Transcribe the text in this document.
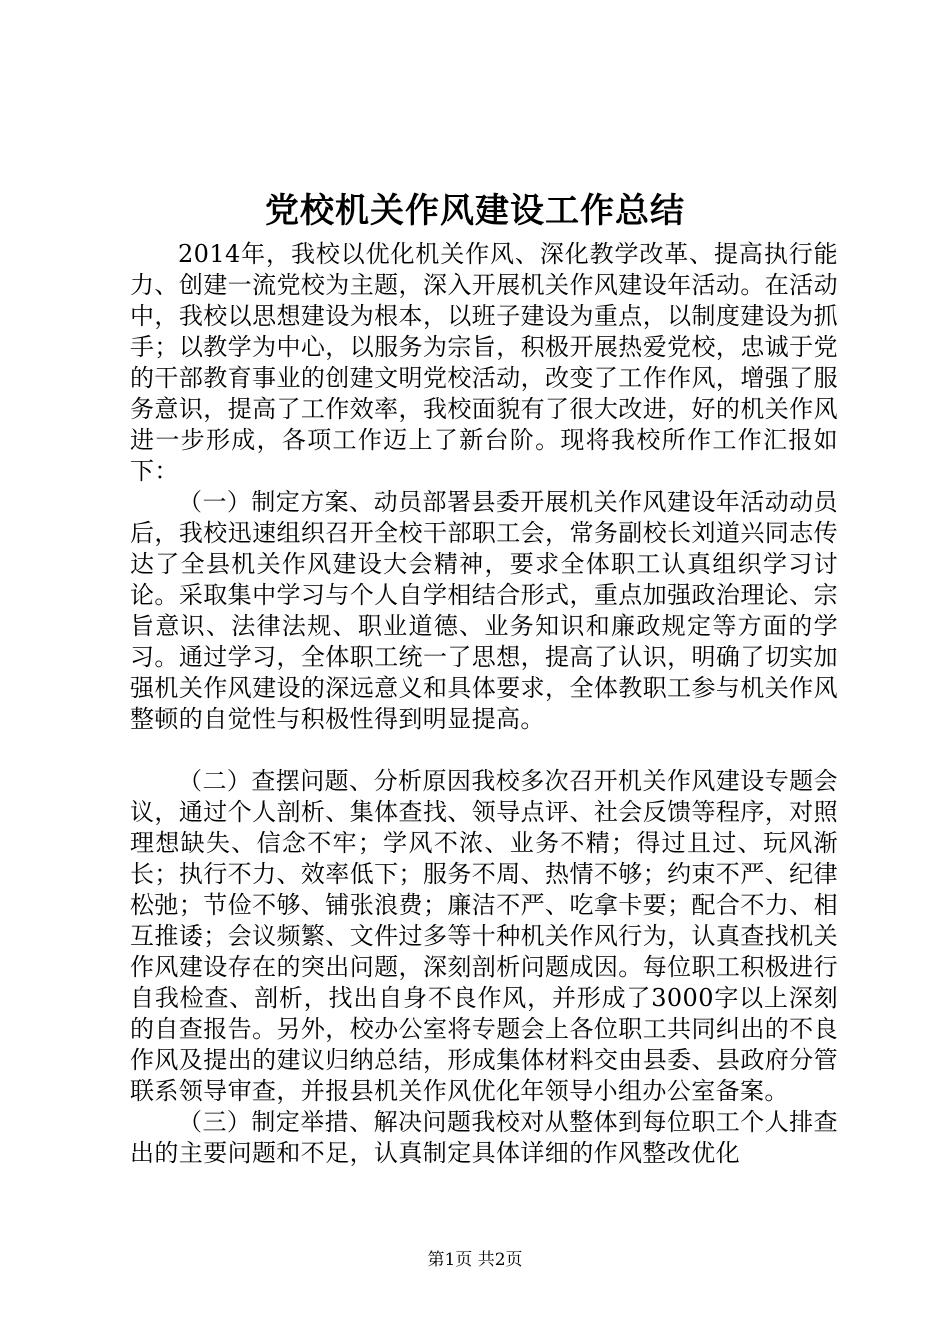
党校机关作风建设工作总结

2014年，我校以优化机关作风、深化教学改革、提高执行能力、创建一流党校为主题，深入开展机关作风建设年活动。在活动中，我校以思想建设为根本，以班子建设为重点，以制度建设为抓手；以教学为中心，以服务为宗旨，积极开展热爱党校，忠诚于党的干部教育事业的创建文明党校活动，改变了工作作风，增强了服务意识，提高了工作效率，我校面貌有了很大改进，好的机关作风进一步形成，各项工作迈上了新台阶。现将我校所作工作汇报如下：

（一）制定方案、动员部署县委开展机关作风建设年活动动员后，我校迅速组织召开全校干部职工会，常务副校长刘道兴同志传达了全县机关作风建设大会精神，要求全体职工认真组织学习讨论。采取集中学习与个人自学相结合形式，重点加强政治理论、宗旨意识、法律法规、职业道德、业务知识和廉政规定等方面的学习。通过学习，全体职工统一了思想，提高了认识，明确了切实加强机关作风建设的深远意义和具体要求，全体教职工参与机关作风整顿的自觉性与积极性得到明显提高。

（二）查摆问题、分析原因我校多次召开机关作风建设专题会议，通过个人剖析、集体查找、领导点评、社会反馈等程序，对照理想缺失、信念不牢；学风不浓、业务不精；得过且过、玩风渐长；执行不力、效率低下；服务不周、热情不够；约束不严、纪律松弛；节俭不够、铺张浪费；廉洁不严、吃拿卡要；配合不力、相互推诿；会议频繁、文件过多等十种机关作风行为，认真查找机关作风建设存在的突出问题，深刻剖析问题成因。每位职工积极进行自我检查、剖析，找出自身不良作风，并形成了3000字以上深刻的自查报告。另外，校办公室将专题会上各位职工共同纠出的不良作风及提出的建议归纳总结，形成集体材料交由县委、县政府分管联系领导审查，并报县机关作风优化年领导小组办公室备案。

（三）制定举措、解决问题我校对从整体到每位职工个人排查出的主要问题和不足，认真制定具体详细的作风整改优化

第1页 共2页
